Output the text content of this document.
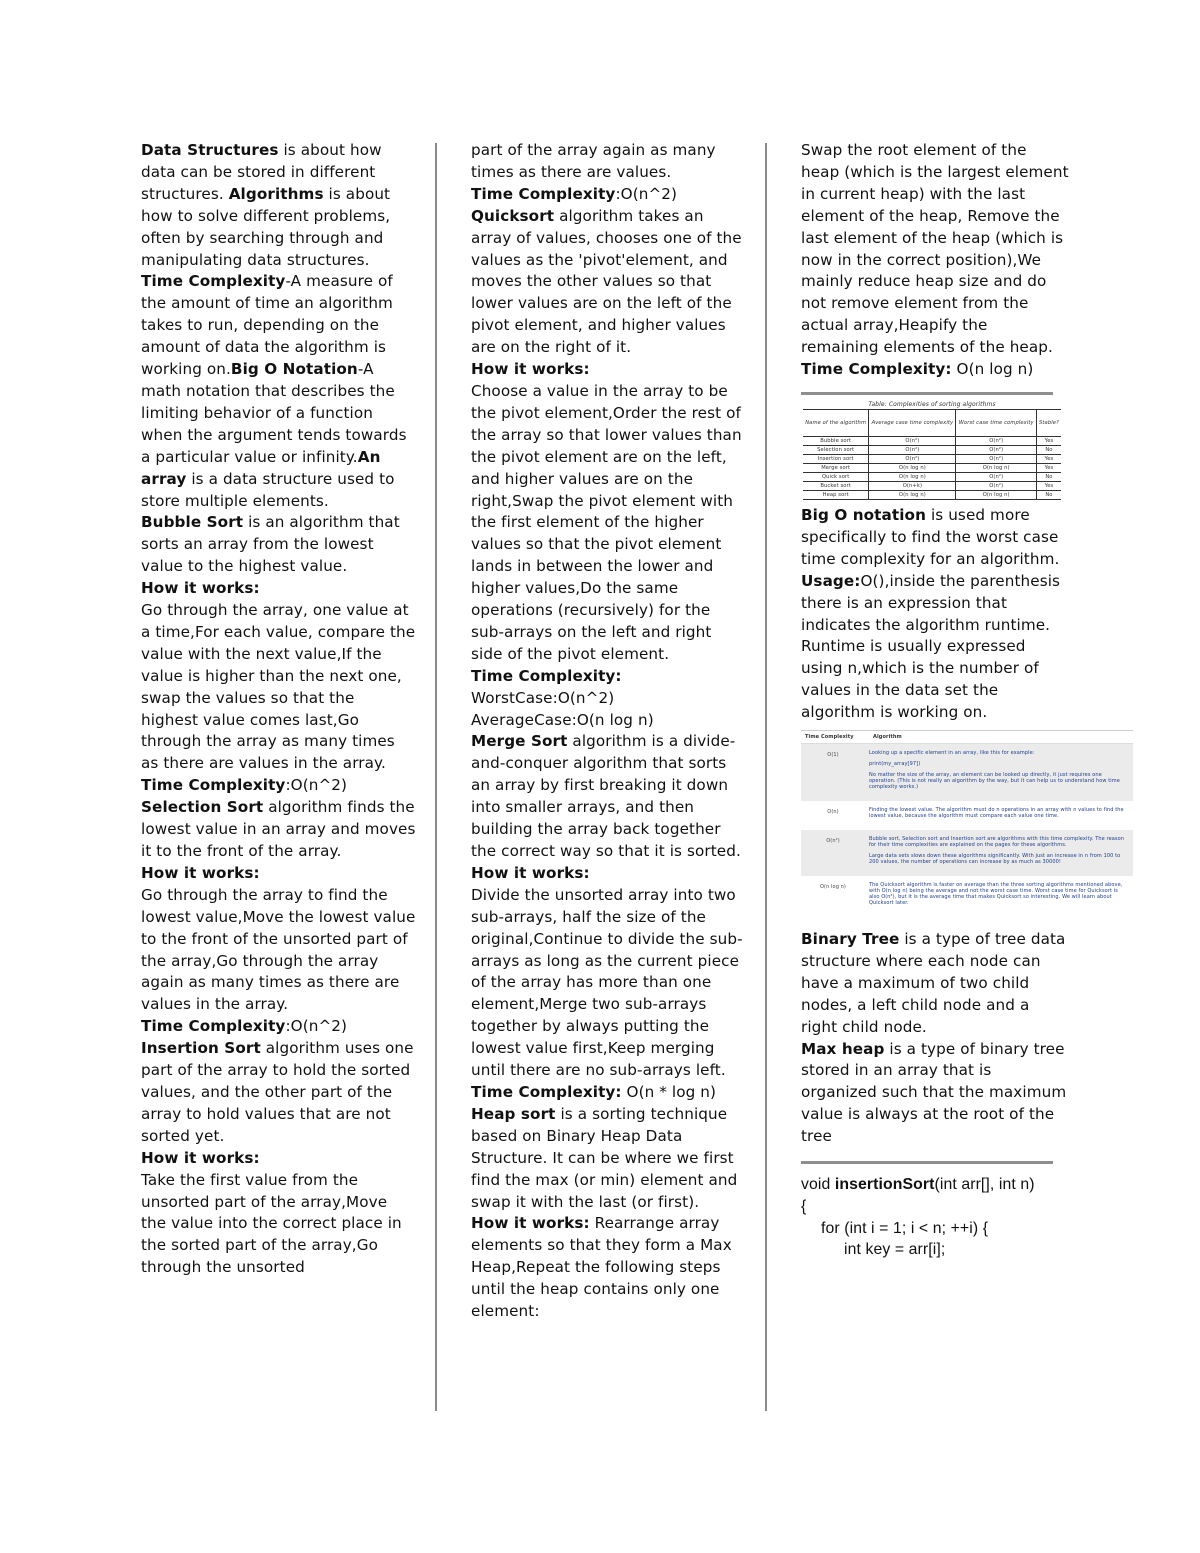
Data Structures is about how data can be stored in different structures. Algorithms is about how to solve different problems, often by searching through and manipulating data structures.

Time Complexity-A measure of the amount of time an algorithm takes to run, depending on the amount of data the algorithm is working on.Big O Notation-A math notation that describes the limiting behavior of a function when the argument tends towards a particular value or infinity.An array is a data structure used to store multiple elements.

Bubble Sort is an algorithm that sorts an array from the lowest value to the highest value.

How it works:

Go through the array, one value at a time,For each value, compare the value with the next value,If the value is higher than the next one, swap the values so that the highest value comes last,Go through the array as many times as there are values in the array.

Time Complexity:O(n^2)

Selection Sort algorithm finds the lowest value in an array and moves it to the front of the array.

How it works:

Go through the array to find the lowest value,Move the lowest value to the front of the unsorted part of the array,Go through the array again as many times as there are values in the array.

Time Complexity:O(n^2)

Insertion Sort algorithm uses one part of the array to hold the sorted values, and the other part of the array to hold values that are not sorted yet.

How it works:

Take the first value from the unsorted part of the array,Move the value into the correct place in the sorted part of the array,Go through the unsorted

part of the array again as many times as there are values.

Time Complexity:O(n^2)

Quicksort algorithm takes an array of values, chooses one of the values as the 'pivot'element, and moves the other values so that lower values are on the left of the pivot element, and higher values are on the right of it.

How it works:

Choose a value in the array to be the pivot element,Order the rest of the array so that lower values than the pivot element are on the left, and higher values are on the right,Swap the pivot element with the first element of the higher values so that the pivot element lands in between the lower and higher values,Do the same operations (recursively) for the sub-arrays on the left and right side of the pivot element.

Time Complexity:

WorstCase:O(n^2)

AverageCase:O(n log n)

Merge Sort algorithm is a divide-and-conquer algorithm that sorts an array by first breaking it down into smaller arrays, and then building the array back together the correct way so that it is sorted.

How it works:

Divide the unsorted array into two sub-arrays, half the size of the original,Continue to divide the sub-arrays as long as the current piece of the array has more than one element,Merge two sub-arrays together by always putting the lowest value first,Keep merging until there are no sub-arrays left.

Time Complexity: O(n * log n)

Heap sort is a sorting technique based on Binary Heap Data Structure. It can be where we first find the max (or min) element and swap it with the last (or first).

How it works: Rearrange array elements so that they form a Max Heap,Repeat the following steps until the heap contains only one element:

Swap the root element of the heap (which is the largest element in current heap) with the last element of the heap, Remove the last element of the heap (which is now in the correct position),We mainly reduce heap size and do not remove element from the actual array,Heapify the remaining elements of the heap.

Time Complexity: O(n log n)

Table: Complexities of sorting algorithms
Name of the algorithm	Average case time complexity	Worst case time complexity	Stable?
Bubble sort	O(n²)	O(n²)	Yes
Selection sort	O(n²)	O(n²)	No
Insertion sort	O(n²)	O(n²)	Yes
Merge sort	O(n log n)	O(n log n)	Yes
Quick sort	O(n log n)	O(n²)	No
Bucket sort	O(n+k)	O(n²)	Yes
Heap sort	O(n log n)	O(n log n)	No

Big O notation is used more specifically to find the worst case time complexity for an algorithm.

Usage:O(),inside the parenthesis there is an expression that indicates the algorithm runtime. Runtime is usually expressed using n,which is the number of values in the data set the algorithm is working on.

Time Complexity	Algorithm
O(1)	Looking up a specific element in an array, like this for example:
print(my_array[97])
No matter the size of the array, an element can be looked up directly, it just requires one operation. (This is not really an algorithm by the way, but it can help us to understand how time complexity works.)
O(n)	Finding the lowest value. The algorithm must do n operations in an array with n values to find the lowest value, because the algorithm must compare each value one time.
O(n²)	Bubble sort, Selection sort and Insertion sort are algorithms with this time complexity. The reason for their time complexities are explained on the pages for these algorithms.
Large data sets slows down these algorithms significantly. With just an increase in n from 100 to 200 values, the number of operations can increase by as much as 30000!
O(n log n)	The Quicksort algorithm is faster on average than the three sorting algorithms mentioned above, with O(n log n) being the average and not the worst case time. Worst case time for Quicksort is also O(n²), but it is the average time that makes Quicksort so interesting. We will learn about Quicksort later.

Binary Tree is a type of tree data structure where each node can have a maximum of two child nodes, a left child node and a right child node.

Max heap is a type of binary tree stored in an array that is organized such that the maximum value is always at the root of the tree

void insertionSort(int arr[], int n)
{
for (int i = 1; i < n; ++i) {
int key = arr[i];
